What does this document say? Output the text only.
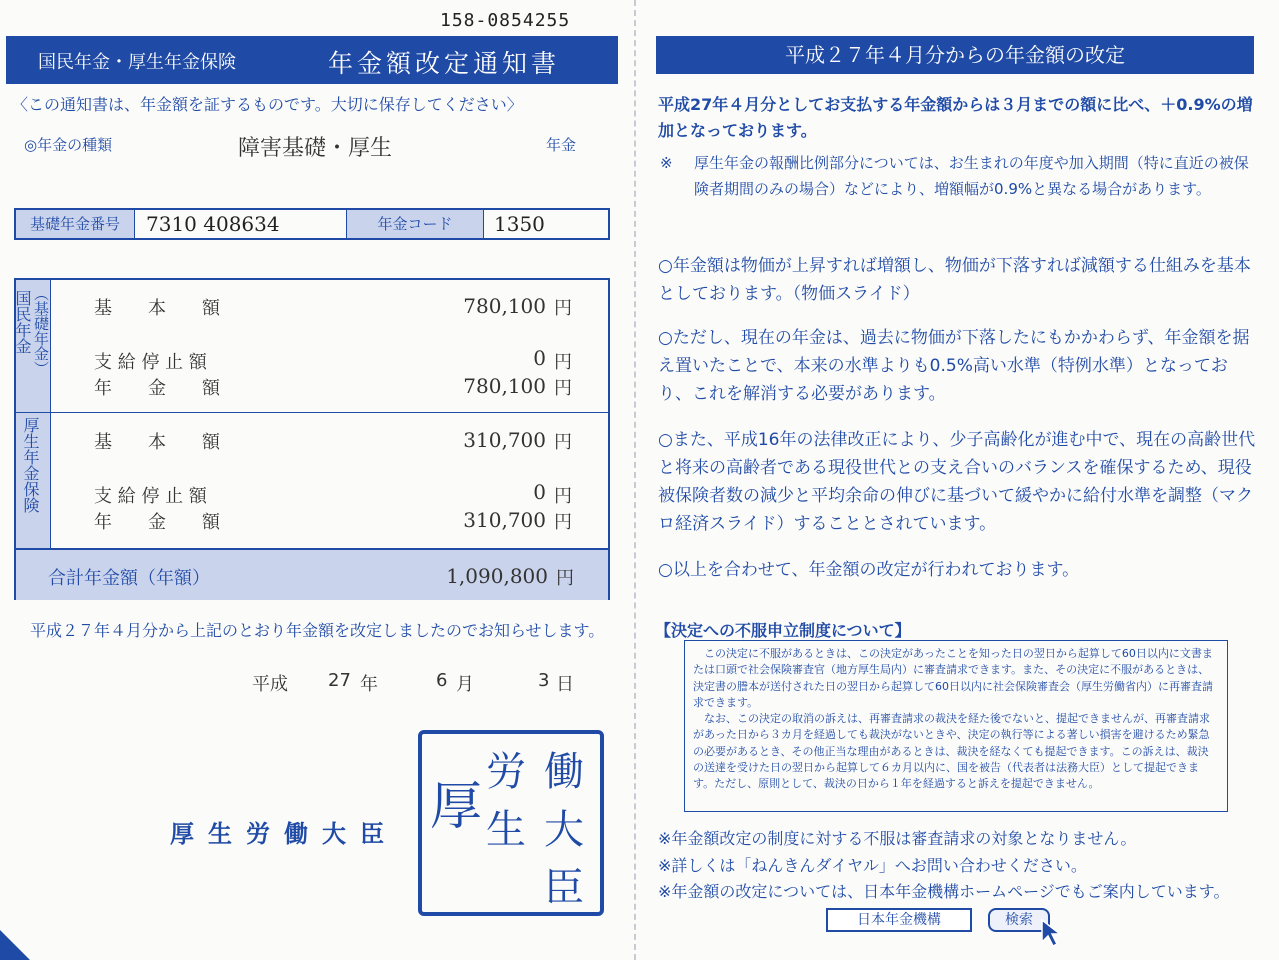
158-0854255
国民年金・厚生年金保険	年金額改定通知書
〈この通知書は、年金額を証するものです。大切に保存してください〉
◎年金の種類	障害基礎・厚生	年金
基礎年金番号	7310 408634	年金コード	1350
国民年金 ︵基礎年金︶ 基　　本　　額	780,100 円
支 給 停 止 額	0 円
年　　金　　額	780,100 円
厚生年金保険	基　　本　　額	310,700 円
支 給 停 止 額	0 円
年　　金　　額	310,700 円
合計年金額（年額）	1,090,800 円
平成２７年４月分から上記のとおり年金額を改定しましたのでお知らせします。
平成 27 年	6 月	3 日
厚生労働大臣
働
大
臣
労
生
厚
平成２７年４月分からの年金額の改定
平成27年４月分としてお支払する年金額からは３月までの額に比べ、＋0.9%の増加となっております。
※ 厚生年金の報酬比例部分については、お生まれの年度や加入期間（特に直近の被保険者期間のみの場合）などにより、増額幅が0.9%と異なる場合があります。
○年金額は物価が上昇すれば増額し、物価が下落すれば減額する仕組みを基本としております。（物価スライド）
○ただし、現在の年金は、過去に物価が下落したにもかかわらず、年金額を据え置いたことで、本来の水準よりも0.5%高い水準（特例水準）となっており、これを解消する必要があります。
○また、平成16年の法律改正により、少子高齢化が進む中で、現在の高齢世代と将来の高齢者である現役世代との支え合いのバランスを確保するため、現役被保険者数の減少と平均余命の伸びに基づいて緩やかに給付水準を調整（マクロ経済スライド）することとされています。
○以上を合わせて、年金額の改定が行われております。
【決定への不服申立制度について】
この決定に不服があるときは、この決定があったことを知った日の翌日から起算して60日以内に文書または口頭で社会保険審査官（地方厚生局内）に審査請求できます。また、その決定に不服があるときは、決定書の謄本が送付された日の翌日から起算して60日以内に社会保険審査会（厚生労働省内）に再審査請求できます。
なお、この決定の取消の訴えは、再審査請求の裁決を経た後でないと、提起できませんが、再審査請求があった日から３カ月を経過しても裁決がないときや、決定の執行等による著しい損害を避けるため緊急の必要があるとき、その他正当な理由があるときは、裁決を経なくても提起できます。この訴えは、裁決の送達を受けた日の翌日から起算して６カ月以内に、国を被告（代表者は法務大臣）として提起できます。ただし、原則として、裁決の日から１年を経過すると訴えを提起できません。
※年金額改定の制度に対する不服は審査請求の対象となりません。
※詳しくは「ねんきんダイヤル」へお問い合わせください。
※年金額の改定については、日本年金機構ホームページでもご案内しています。
日本年金機構	検索
